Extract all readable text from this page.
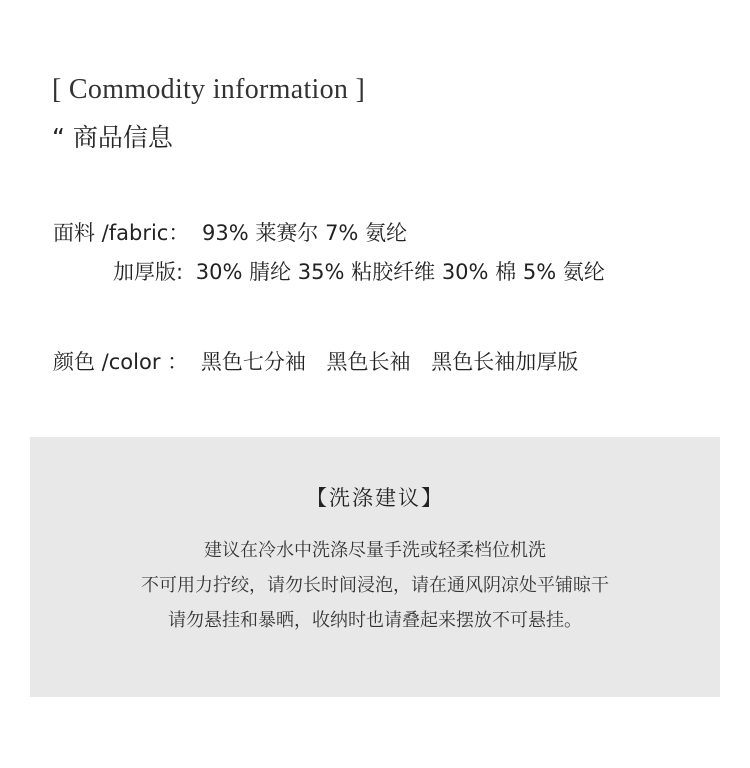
[ Commodity information ]
“ 商品信息
面料 /fabric： 93% 莱赛尔 7% 氨纶
加厚版: 30% 腈纶 35% 粘胶纤维 30% 棉 5% 氨纶
颜色 /color ： 黑色七分袖 黑色长袖 黑色长袖加厚版
【洗涤建议】
建议在冷水中洗涤尽量手洗或轻柔档位机洗
不可用力拧绞，请勿长时间浸泡，请在通风阴凉处平铺晾干
请勿悬挂和暴晒，收纳时也请叠起来摆放不可悬挂。
